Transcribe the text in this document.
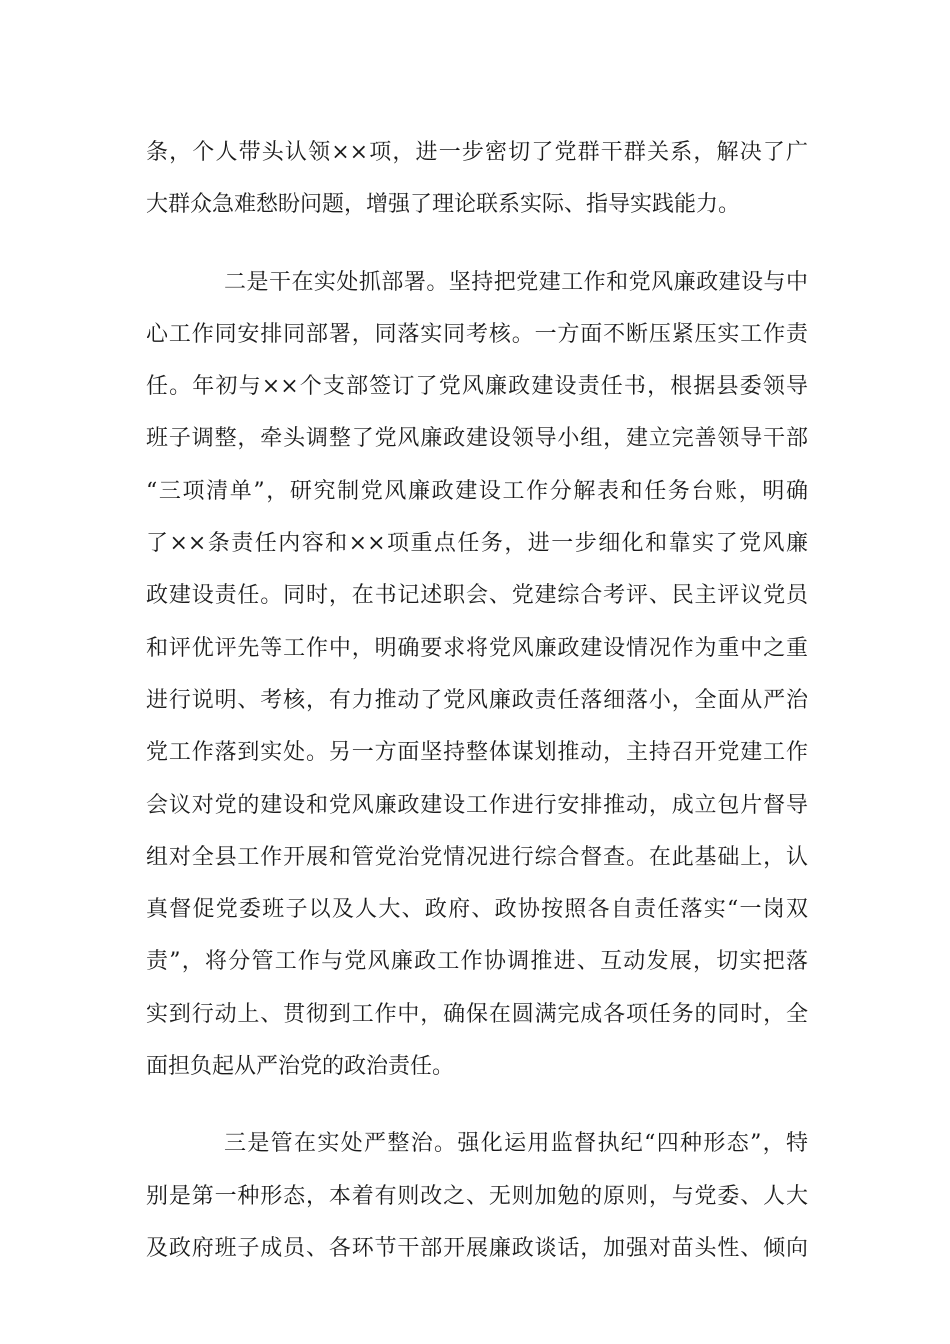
条，个人带头认领××项，进一步密切了党群干群关系，解决了广
大群众急难愁盼问题，增强了理论联系实际、指导实践能力。
二是干在实处抓部署。坚持把党建工作和党风廉政建设与中
心工作同安排同部署，同落实同考核。一方面不断压紧压实工作责
任。年初与××个支部签订了党风廉政建设责任书，根据县委领导
班子调整，牵头调整了党风廉政建设领导小组，建立完善领导干部
“三项清单”，研究制党风廉政建设工作分解表和任务台账，明确
了××条责任内容和××项重点任务，进一步细化和靠实了党风廉
政建设责任。同时，在书记述职会、党建综合考评、民主评议党员
和评优评先等工作中，明确要求将党风廉政建设情况作为重中之重
进行说明、考核，有力推动了党风廉政责任落细落小，全面从严治
党工作落到实处。另一方面坚持整体谋划推动，主持召开党建工作
会议对党的建设和党风廉政建设工作进行安排推动，成立包片督导
组对全县工作开展和管党治党情况进行综合督查。在此基础上，认
真督促党委班子以及人大、政府、政协按照各自责任落实“一岗双
责”，将分管工作与党风廉政工作协调推进、互动发展，切实把落
实到行动上、贯彻到工作中，确保在圆满完成各项任务的同时，全
面担负起从严治党的政治责任。
三是管在实处严整治。强化运用监督执纪“四种形态”，特
别是第一种形态，本着有则改之、无则加勉的原则，与党委、人大
及政府班子成员、各环节干部开展廉政谈话，加强对苗头性、倾向
